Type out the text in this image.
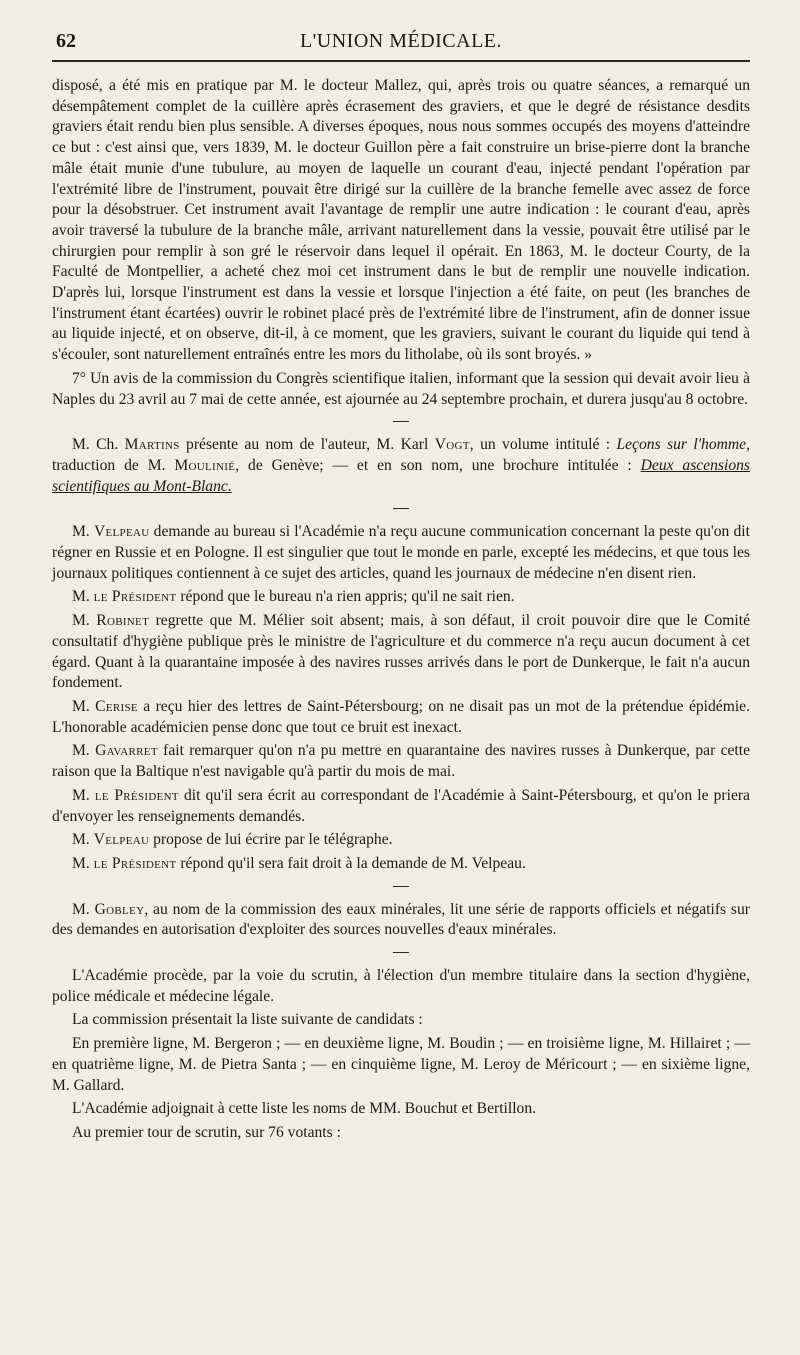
62	L'UNION MÉDICALE.

disposé, a été mis en pratique par M. le docteur Mallez, qui, après trois ou quatre séances, a remarqué un désempâtement complet de la cuillère après écrasement des graviers, et que le degré de résistance desdits graviers était rendu bien plus sensible. A diverses époques, nous nous sommes occupés des moyens d'atteindre ce but : c'est ainsi que, vers 1839, M. le docteur Guillon père a fait construire un brise-pierre dont la branche mâle était munie d'une tubulure, au moyen de laquelle un courant d'eau, injecté pendant l'opération par l'extrémité libre de l'instrument, pouvait être dirigé sur la cuillère de la branche femelle avec assez de force pour la désobstruer. Cet instrument avait l'avantage de remplir une autre indication : le courant d'eau, après avoir traversé la tubulure de la branche mâle, arrivant naturellement dans la vessie, pouvait être utilisé par le chirurgien pour remplir à son gré le réservoir dans lequel il opérait. En 1863, M. le docteur Courty, de la Faculté de Montpellier, a acheté chez moi cet instrument dans le but de remplir une nouvelle indication. D'après lui, lorsque l'instrument est dans la vessie et lorsque l'injection a été faite, on peut (les branches de l'instrument étant écartées) ouvrir le robinet placé près de l'extrémité libre de l'instrument, afin de donner issue au liquide injecté, et on observe, dit-il, à ce moment, que les graviers, suivant le courant du liquide qui tend à s'écouler, sont naturellement entraînés entre les mors du litholabe, où ils sont broyés. »

7° Un avis de la commission du Congrès scientifique italien, informant que la session qui devait avoir lieu à Naples du 23 avril au 7 mai de cette année, est ajournée au 24 septembre prochain, et durera jusqu'au 8 octobre.

M. Ch. Martins présente au nom de l'auteur, M. Karl Vogt, un volume intitulé : Leçons sur l'homme, traduction de M. Moulinié, de Genève; — et en son nom, une brochure intitulée : Deux ascensions scientifiques au Mont-Blanc.

M. Velpeau demande au bureau si l'Académie n'a reçu aucune communication concernant la peste qu'on dit régner en Russie et en Pologne. Il est singulier que tout le monde en parle, excepté les médecins, et que tous les journaux politiques contiennent à ce sujet des articles, quand les journaux de médecine n'en disent rien.

M. le Président répond que le bureau n'a rien appris; qu'il ne sait rien.

M. Robinet regrette que M. Mélier soit absent; mais, à son défaut, il croit pouvoir dire que le Comité consultatif d'hygiène publique près le ministre de l'agriculture et du commerce n'a reçu aucun document à cet égard. Quant à la quarantaine imposée à des navires russes arrivés dans le port de Dunkerque, le fait n'a aucun fondement.

M. Cerise a reçu hier des lettres de Saint-Pétersbourg; on ne disait pas un mot de la prétendue épidémie. L'honorable académicien pense donc que tout ce bruit est inexact.

M. Gavarret fait remarquer qu'on n'a pu mettre en quarantaine des navires russes à Dunkerque, par cette raison que la Baltique n'est navigable qu'à partir du mois de mai.

M. le Président dit qu'il sera écrit au correspondant de l'Académie à Saint-Pétersbourg, et qu'on le priera d'envoyer les renseignements demandés.

M. Velpeau propose de lui écrire par le télégraphe.

M. le Président répond qu'il sera fait droit à la demande de M. Velpeau.

M. Gobley, au nom de la commission des eaux minérales, lit une série de rapports officiels et négatifs sur des demandes en autorisation d'exploiter des sources nouvelles d'eaux minérales.

L'Académie procède, par la voie du scrutin, à l'élection d'un membre titulaire dans la section d'hygiène, police médicale et médecine légale.

La commission présentait la liste suivante de candidats :

En première ligne, M. Bergeron ; — en deuxième ligne, M. Boudin ; — en troisième ligne, M. Hillairet ; — en quatrième ligne, M. de Pietra Santa ; — en cinquième ligne, M. Leroy de Méricourt ; — en sixième ligne, M. Gallard.

L'Académie adjoignait à cette liste les noms de MM. Bouchut et Bertillon.

Au premier tour de scrutin, sur 76 votants :
